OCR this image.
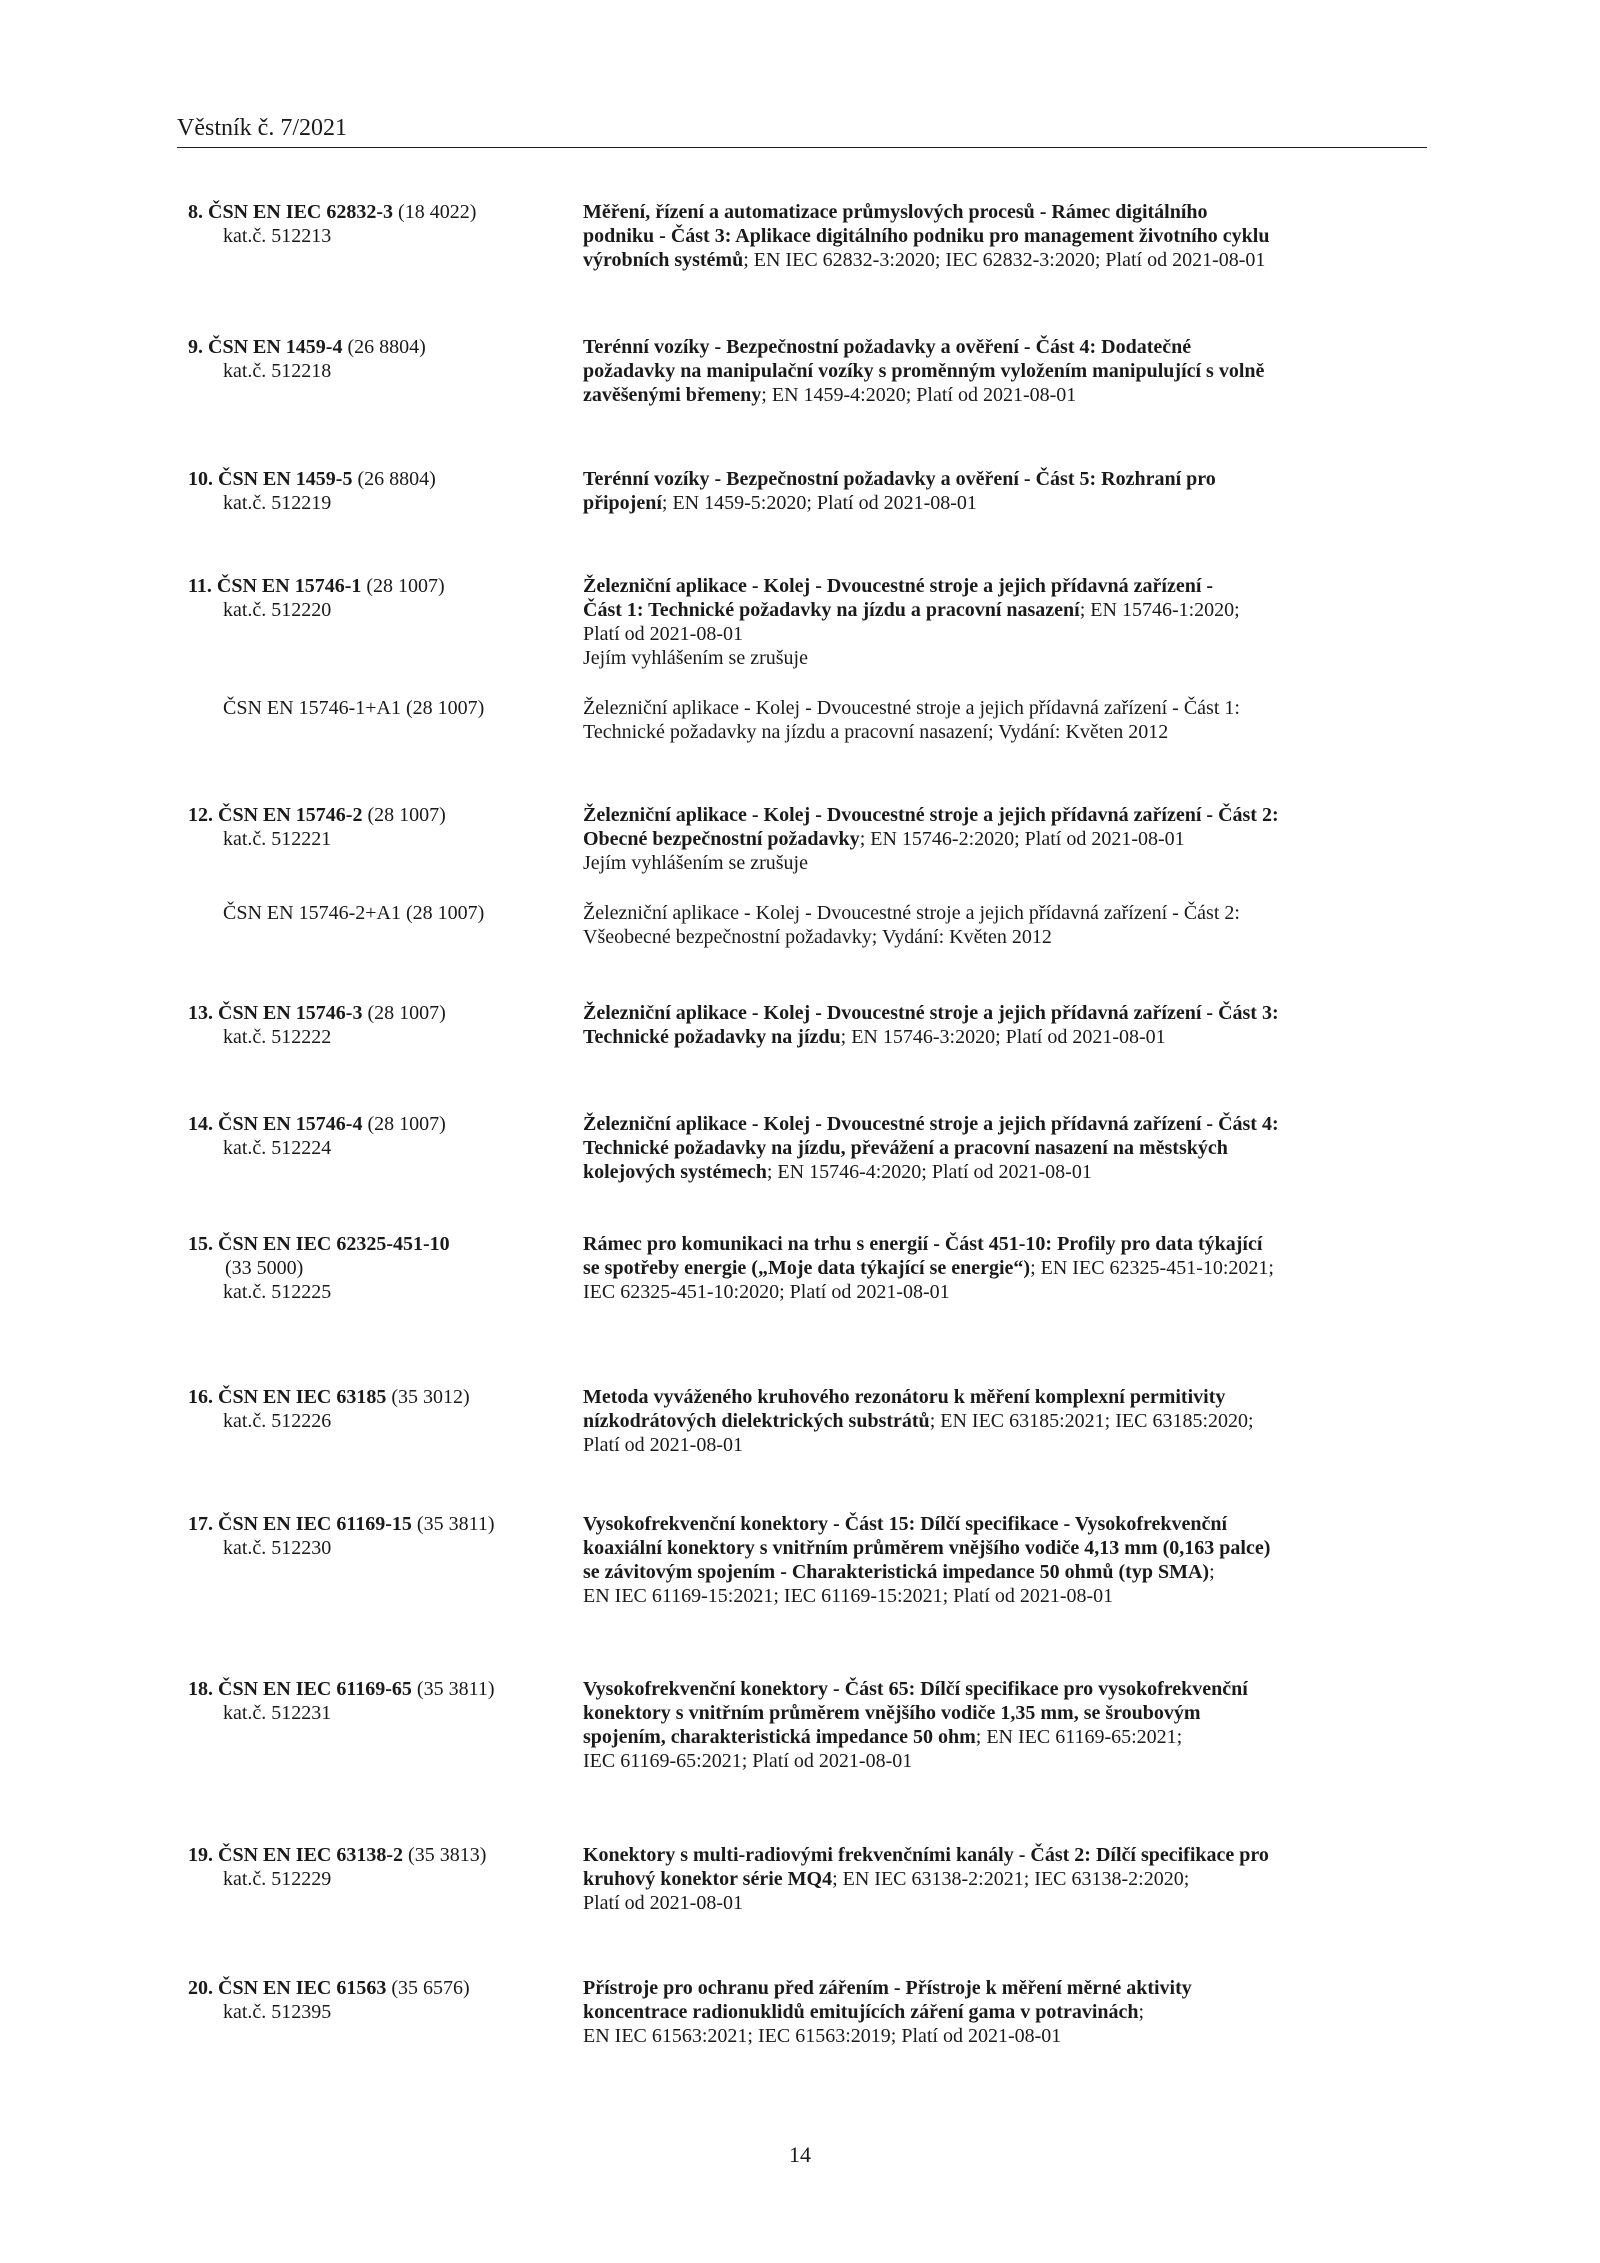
Věstník č. 7/2021
8. ČSN EN IEC 62832-3 (18 4022)
kat.č. 512213
Měření, řízení a automatizace průmyslových procesů - Rámec digitálního
podniku - Část 3: Aplikace digitálního podniku pro management životního cyklu
výrobních systémů; EN IEC 62832-3:2020; IEC 62832-3:2020; Platí od 2021-08-01
9. ČSN EN 1459-4 (26 8804)
kat.č. 512218
Terénní vozíky - Bezpečnostní požadavky a ověření - Část 4: Dodatečné
požadavky na manipulační vozíky s proměnným vyložením manipulující s volně
zavěšenými břemeny; EN 1459-4:2020; Platí od 2021-08-01
10. ČSN EN 1459-5 (26 8804)
kat.č. 512219
Terénní vozíky - Bezpečnostní požadavky a ověření - Část 5: Rozhraní pro
připojení; EN 1459-5:2020; Platí od 2021-08-01
11. ČSN EN 15746-1 (28 1007)
kat.č. 512220
Železniční aplikace - Kolej - Dvoucestné stroje a jejich přídavná zařízení -
Část 1: Technické požadavky na jízdu a pracovní nasazení; EN 15746-1:2020;
Platí od 2021-08-01
Jejím vyhlášením se zrušuje
ČSN EN 15746-1+A1 (28 1007)	Železniční aplikace - Kolej - Dvoucestné stroje a jejich přídavná zařízení - Část 1:
Technické požadavky na jízdu a pracovní nasazení; Vydání: Květen 2012
12. ČSN EN 15746-2 (28 1007)
kat.č. 512221
Železniční aplikace - Kolej - Dvoucestné stroje a jejich přídavná zařízení - Část 2:
Obecné bezpečnostní požadavky; EN 15746-2:2020; Platí od 2021-08-01
Jejím vyhlášením se zrušuje
ČSN EN 15746-2+A1 (28 1007)	Železniční aplikace - Kolej - Dvoucestné stroje a jejich přídavná zařízení - Část 2:
Všeobecné bezpečnostní požadavky; Vydání: Květen 2012
13. ČSN EN 15746-3 (28 1007)
kat.č. 512222
Železniční aplikace - Kolej - Dvoucestné stroje a jejich přídavná zařízení - Část 3:
Technické požadavky na jízdu; EN 15746-3:2020; Platí od 2021-08-01
14. ČSN EN 15746-4 (28 1007)
kat.č. 512224
Železniční aplikace - Kolej - Dvoucestné stroje a jejich přídavná zařízení - Část 4:
Technické požadavky na jízdu, převážení a pracovní nasazení na městských
kolejových systémech; EN 15746-4:2020; Platí od 2021-08-01
15. ČSN EN IEC 62325-451-10
(33 5000)
kat.č. 512225
Rámec pro komunikaci na trhu s energií - Část 451-10: Profily pro data týkající
se spotřeby energie („Moje data týkající se energie“); EN IEC 62325-451-10:2021;
IEC 62325-451-10:2020; Platí od 2021-08-01
16. ČSN EN IEC 63185 (35 3012)
kat.č. 512226
Metoda vyváženého kruhového rezonátoru k měření komplexní permitivity
nízkodrátových dielektrických substrátů; EN IEC 63185:2021; IEC 63185:2020;
Platí od 2021-08-01
17. ČSN EN IEC 61169-15 (35 3811)
kat.č. 512230
Vysokofrekvenční konektory - Část 15: Dílčí specifikace - Vysokofrekvenční
koaxiální konektory s vnitřním průměrem vnějšího vodiče 4,13 mm (0,163 palce)
se závitovým spojením - Charakteristická impedance 50 ohmů (typ SMA);
EN IEC 61169-15:2021; IEC 61169-15:2021; Platí od 2021-08-01
18. ČSN EN IEC 61169-65 (35 3811)
kat.č. 512231
Vysokofrekvenční konektory - Část 65: Dílčí specifikace pro vysokofrekvenční
konektory s vnitřním průměrem vnějšího vodiče 1,35 mm, se šroubovým
spojením, charakteristická impedance 50 ohm; EN IEC 61169-65:2021;
IEC 61169-65:2021; Platí od 2021-08-01
19. ČSN EN IEC 63138-2 (35 3813)
kat.č. 512229
Konektory s multi-radiovými frekvenčními kanály - Část 2: Dílčí specifikace pro
kruhový konektor série MQ4; EN IEC 63138-2:2021; IEC 63138-2:2020;
Platí od 2021-08-01
20. ČSN EN IEC 61563 (35 6576)
kat.č. 512395
Přístroje pro ochranu před zářením - Přístroje k měření měrné aktivity
koncentrace radionuklidů emitujících záření gama v potravinách;
EN IEC 61563:2021; IEC 61563:2019; Platí od 2021-08-01
14
